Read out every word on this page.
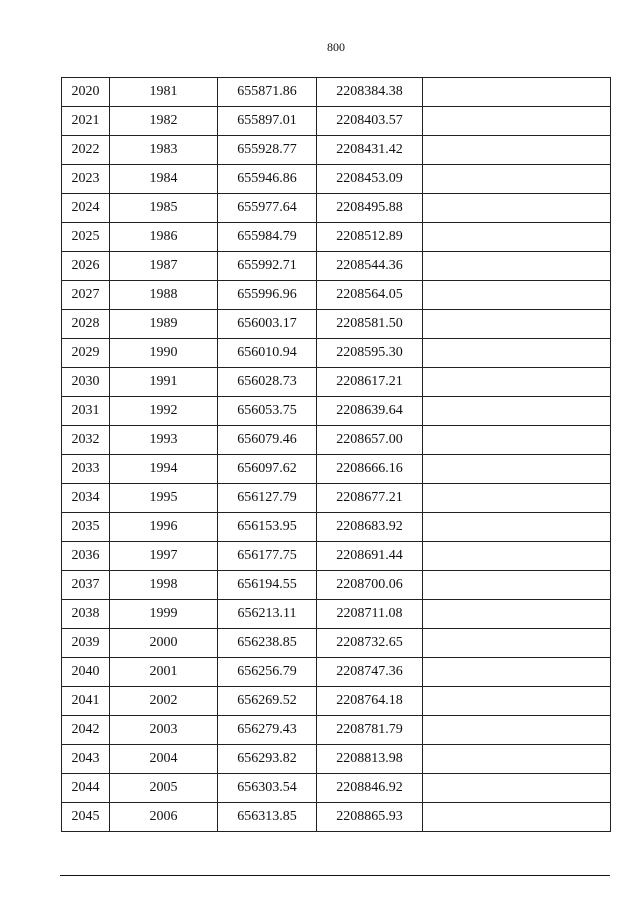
800
2020	1981	655871.86	2208384.38	
2021	1982	655897.01	2208403.57	
2022	1983	655928.77	2208431.42	
2023	1984	655946.86	2208453.09	
2024	1985	655977.64	2208495.88	
2025	1986	655984.79	2208512.89	
2026	1987	655992.71	2208544.36	
2027	1988	655996.96	2208564.05	
2028	1989	656003.17	2208581.50	
2029	1990	656010.94	2208595.30	
2030	1991	656028.73	2208617.21	
2031	1992	656053.75	2208639.64	
2032	1993	656079.46	2208657.00	
2033	1994	656097.62	2208666.16	
2034	1995	656127.79	2208677.21	
2035	1996	656153.95	2208683.92	
2036	1997	656177.75	2208691.44	
2037	1998	656194.55	2208700.06	
2038	1999	656213.11	2208711.08	
2039	2000	656238.85	2208732.65	
2040	2001	656256.79	2208747.36	
2041	2002	656269.52	2208764.18	
2042	2003	656279.43	2208781.79	
2043	2004	656293.82	2208813.98	
2044	2005	656303.54	2208846.92	
2045	2006	656313.85	2208865.93	
